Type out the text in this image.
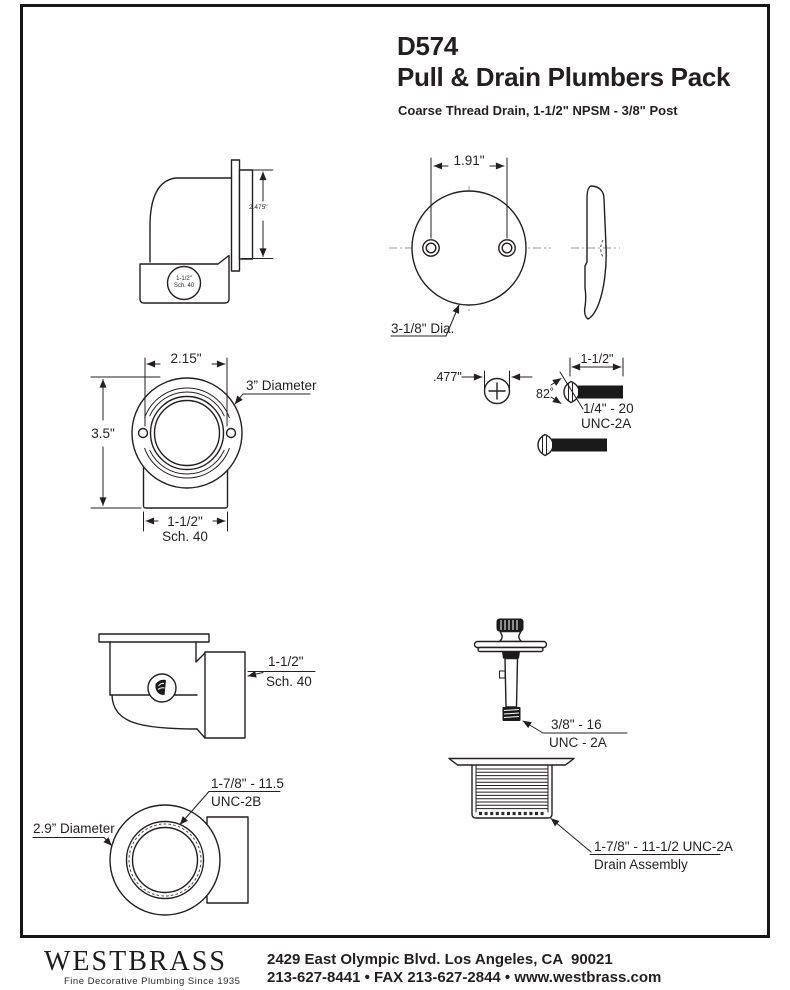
D574
Pull & Drain Plumbers Pack
Coarse Thread Drain, 1-1/2" NPSM - 3/8" Post
2.475"
1-1/2"
Sch. 40
1.91"
3-1/8" Dia.
2.15"
3.5"
3” Diameter
1-1/2"
Sch. 40
.477"
82˚
1-1/2"
1/4" - 20
UNC-2A
1-1/2"
Sch. 40
3/8" - 16
UNC - 2A
1-7/8" - 11.5
UNC-2B
2.9” Diameter
1-7/8" - 11-1/2 UNC-2A
Drain Assembly
WESTBRASS
Fine Decorative Plumbing Since 1935
2429 East Olympic Blvd. Los Angeles, CA  90021
213-627-8441 • FAX 213-627-2844 • www.westbrass.com
